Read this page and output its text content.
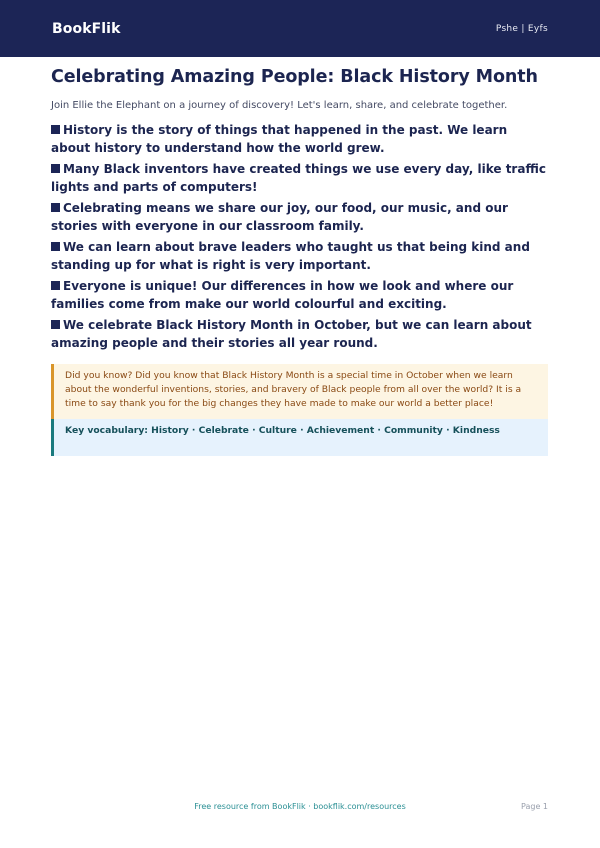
BookFlik	Pshe | Eyfs
Celebrating Amazing People: Black History Month

Join Ellie the Elephant on a journey of discovery! Let's learn, share, and celebrate together.

History is the story of things that happened in the past. We learn about history to understand how the world grew.
Many Black inventors have created things we use every day, like traffic lights and parts of computers!
Celebrating means we share our joy, our food, our music, and our stories with everyone in our classroom family.
We can learn about brave leaders who taught us that being kind and standing up for what is right is very important.
Everyone is unique! Our differences in how we look and where our families come from make our world colourful and exciting.
We celebrate Black History Month in October, but we can learn about amazing people and their stories all year round.
Did you know? Did you know that Black History Month is a special time in October when we learn about the wonderful inventions, stories, and bravery of Black people from all over the world? It is a time to say thank you for the big changes they have made to make our world a better place!
Key vocabulary: History · Celebrate · Culture · Achievement · Community · Kindness
Free resource from BookFlik · bookflik.com/resources	Page 1
